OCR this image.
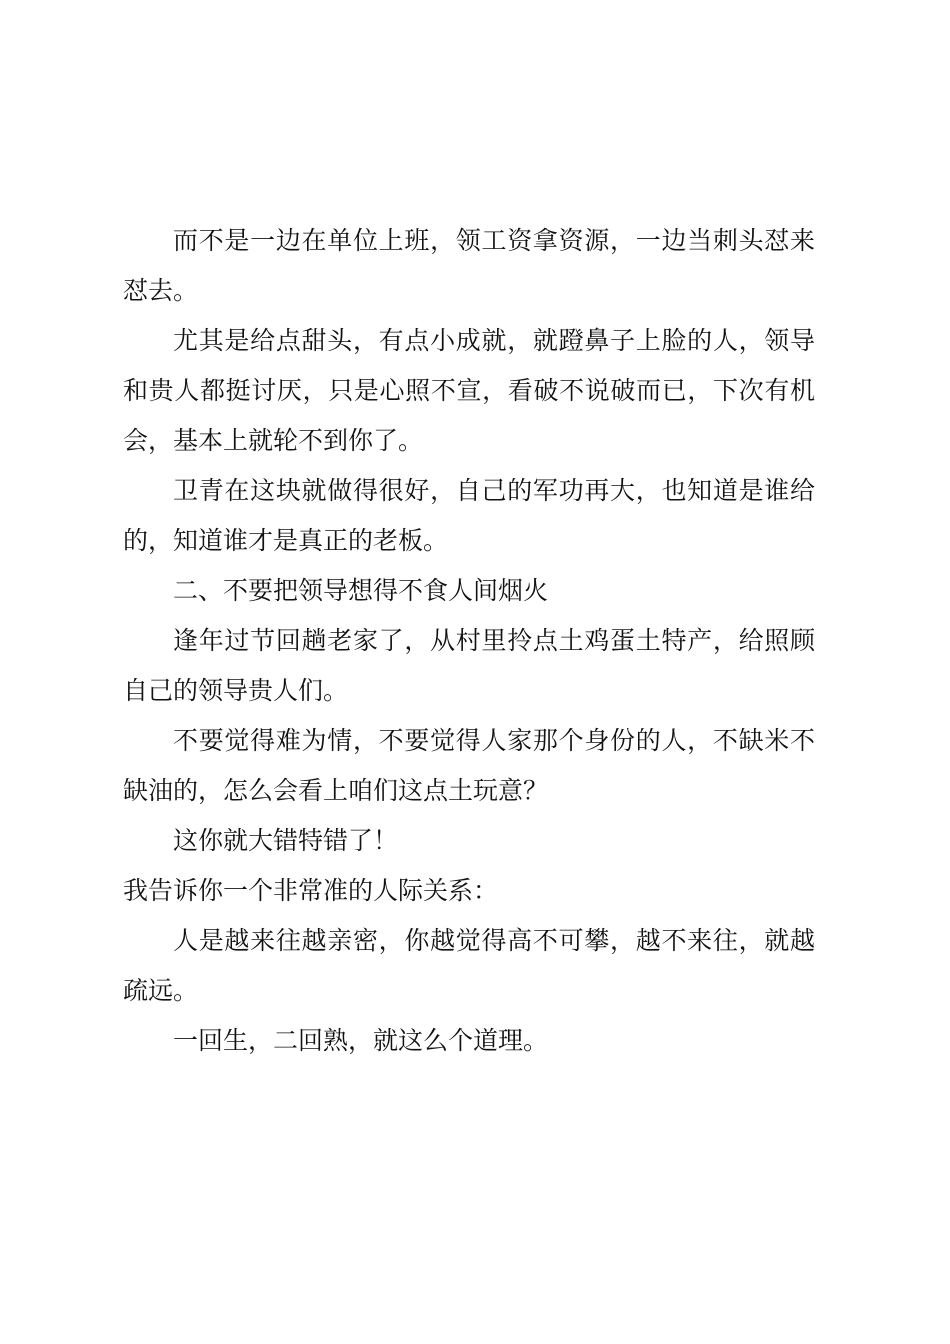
而不是一边在单位上班，领工资拿资源，一边当刺头怼来怼去。

尤其是给点甜头，有点小成就，就蹬鼻子上脸的人，领导和贵人都挺讨厌，只是心照不宣，看破不说破而已，下次有机会，基本上就轮不到你了。

卫青在这块就做得很好，自己的军功再大，也知道是谁给的，知道谁才是真正的老板。

二、不要把领导想得不食人间烟火

逢年过节回趟老家了，从村里拎点土鸡蛋土特产，给照顾自己的领导贵人们。

不要觉得难为情，不要觉得人家那个身份的人，不缺米不缺油的，怎么会看上咱们这点土玩意？

这你就大错特错了！

我告诉你一个非常准的人际关系：

人是越来往越亲密，你越觉得高不可攀，越不来往，就越疏远。

一回生，二回熟，就这么个道理。
